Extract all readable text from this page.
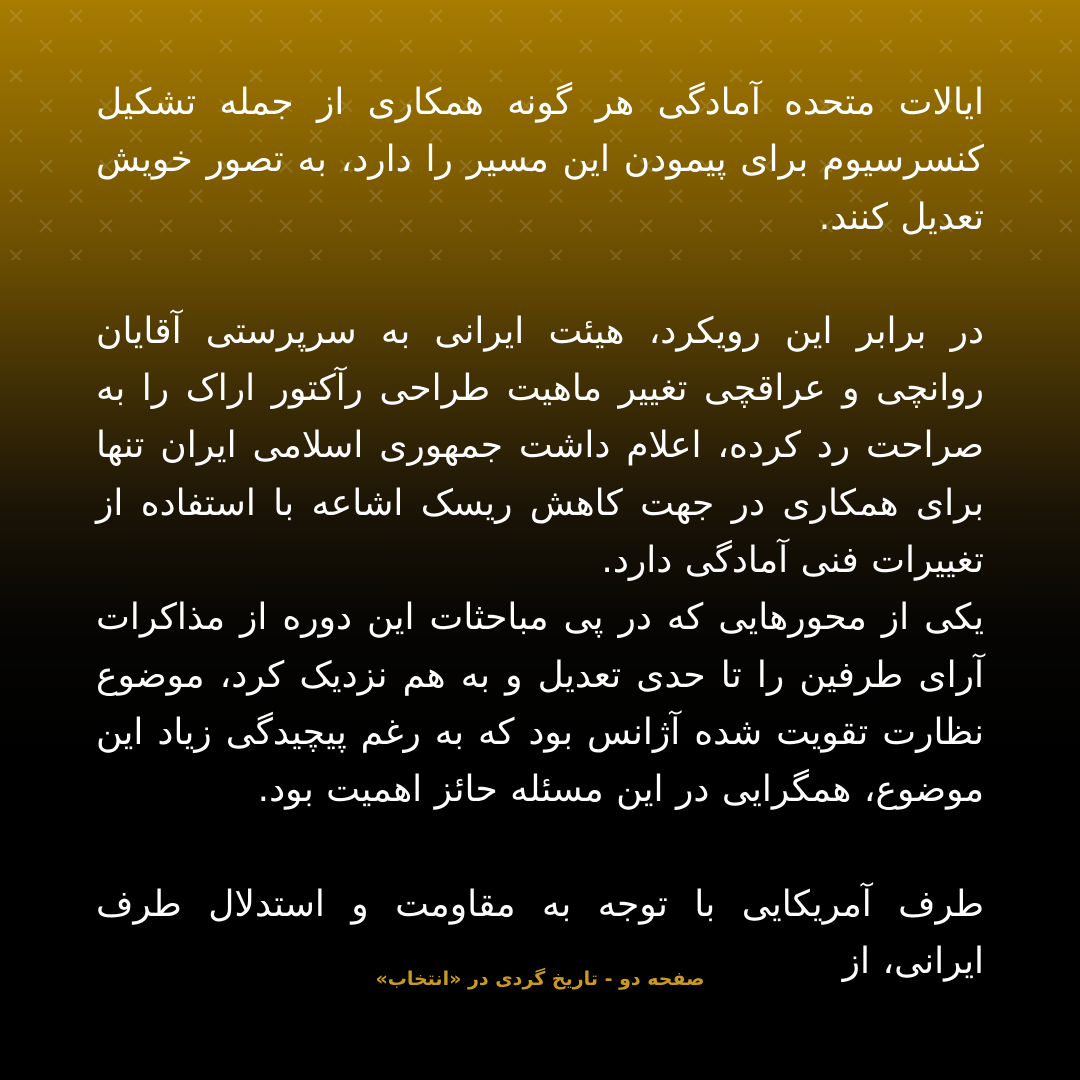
ایالات متحده آمادگی هر گونه همکاری از جمله تشکیل کنسرسیوم برای پیمودن این مسیر را دارد، به تصور خویش تعدیل کنند.

در برابر این رویکرد، هیئت ایرانی به سرپرستی آقایان روانچی و عراقچی تغییر ماهیت طراحی رآکتور اراک را به صراحت رد کرده، اعلام داشت جمهوری اسلامی ایران تنها برای همکاری در جهت کاهش ریسک اشاعه با استفاده از تغییرات فنی آمادگی دارد.

یکی از محورهایی که در پی مباحثات این دوره از مذاکرات آرای طرفین را تا حدی تعدیل و به هم نزدیک کرد، موضوع نظارت تقویت شده آژانس بود که به رغم پیچیدگی زیاد این موضوع، همگرایی در این مسئله حائز اهمیت بود.

طرف آمریکایی با توجه به مقاومت و استدلال طرف ایرانی، از

صفحه دو - تاریخ گردی در «انتخاب»
